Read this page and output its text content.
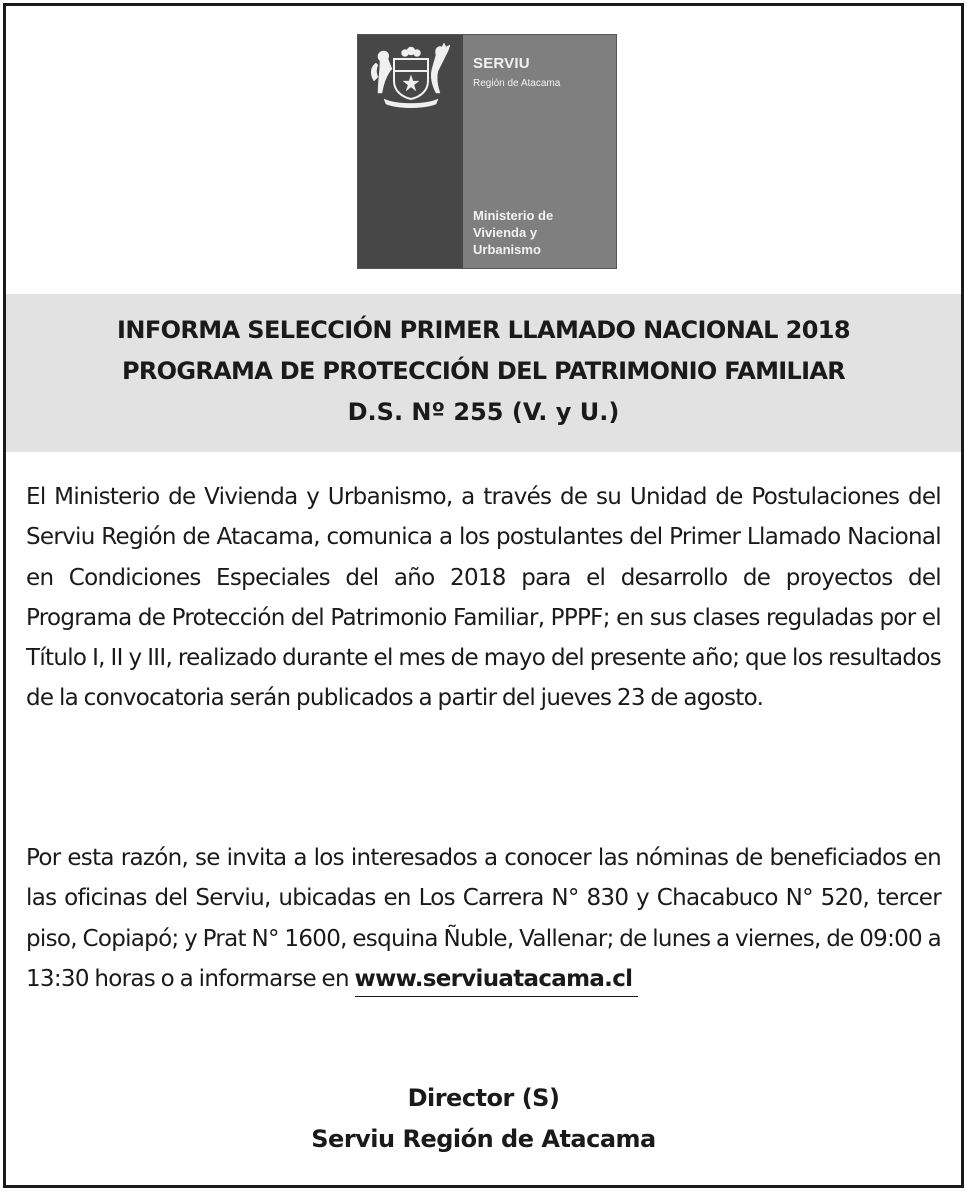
SERVIU
Región de Atacama
Ministerio de
Vivienda y
Urbanismo
INFORMA SELECCIÓN PRIMER LLAMADO NACIONAL 2018
PROGRAMA DE PROTECCIÓN DEL PATRIMONIO FAMILIAR
D.S. Nº 255 (V. y U.)
El Ministerio de Vivienda y Urbanismo, a través de su Unidad de Postulaciones del Serviu Región de Atacama, comunica a los postulantes del Primer Llamado Nacional en Condiciones Especiales del año 2018 para el desarrollo de proyectos del Programa de Protección del Patrimonio Familiar, PPPF; en sus clases reguladas por el Título I, II y III, realizado durante el mes de mayo del presente año; que los resultados de la convocatoria serán publicados a partir del jueves 23 de agosto.
Por esta razón, se invita a los interesados a conocer las nóminas de beneficiados en las oficinas del Serviu, ubicadas en Los Carrera N° 830 y Chacabuco N° 520, tercer piso, Copiapó; y Prat N° 1600, esquina Ñuble, Vallenar; de lunes a viernes, de 09:00 a 13:30 horas o a informarse en www.serviuatacama.cl
Director (S)
Serviu Región de Atacama
